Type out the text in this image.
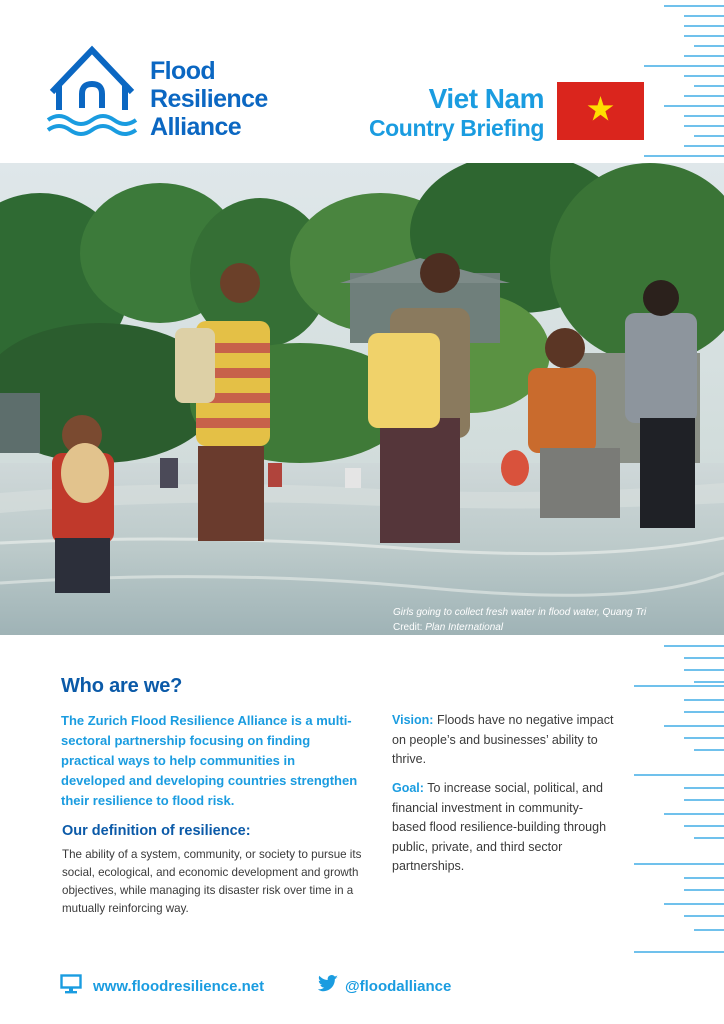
Flood
Resilience
Alliance
Viet Nam
Country Briefing
Girls going to collect fresh water in flood water, Quang Tri
Credit: Plan International
Who are we?
The Zurich Flood Resilience Alliance is a multi-sectoral partnership focusing on finding practical ways to help communities in developed and developing countries strengthen their resilience to flood risk.
Our definition of resilience:
The ability of a system, community, or society to pursue its social, ecological, and economic development and growth objectives, while managing its disaster risk over time in a mutually reinforcing way.
Vision: Floods have no negative impact on people’s and businesses’ ability to thrive.
Goal: To increase social, political, and financial investment in community-based flood resilience-building through public, private, and third sector partnerships.
www.floodresilience.net	@floodalliance
